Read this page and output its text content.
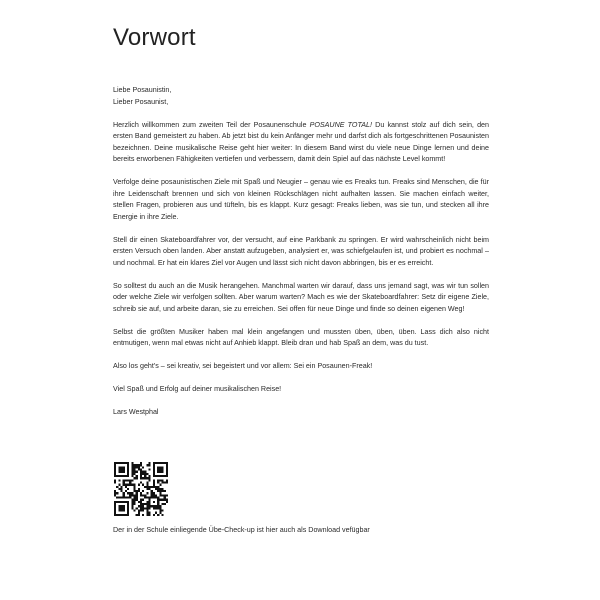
Vorwort

Liebe Posaunistin,
Lieber Posaunist,

Herzlich willkommen zum zweiten Teil der Posaunenschule POSAUNE TOTAL! Du kannst stolz auf dich sein, den ersten Band gemeistert zu haben. Ab jetzt bist du kein Anfänger mehr und darfst dich als fortgeschrittenen Posaunisten bezeichnen. Deine musikalische Reise geht hier weiter: In diesem Band wirst du viele neue Dinge lernen und deine bereits erworbenen Fähigkeiten vertiefen und verbessern, damit dein Spiel auf das nächste Level kommt!

Verfolge deine posaunistischen Ziele mit Spaß und Neugier – genau wie es Freaks tun. Freaks sind Menschen, die für ihre Leidenschaft brennen und sich von kleinen Rückschlägen nicht aufhalten lassen. Sie machen einfach weiter, stellen Fragen, probieren aus und tüfteln, bis es klappt. Kurz gesagt: Freaks lieben, was sie tun, und stecken all ihre Energie in ihre Ziele.

Stell dir einen Skateboardfahrer vor, der versucht, auf eine Parkbank zu springen. Er wird wahrscheinlich nicht beim ersten Versuch oben landen. Aber anstatt aufzugeben, analysiert er, was schiefgelaufen ist, und probiert es nochmal – und nochmal. Er hat ein klares Ziel vor Augen und lässt sich nicht davon abbringen, bis er es erreicht.

So solltest du auch an die Musik herangehen. Manchmal warten wir darauf, dass uns jemand sagt, was wir tun sollen oder welche Ziele wir verfolgen sollten. Aber warum warten? Mach es wie der Skateboardfahrer: Setz dir eigene Ziele, schreib sie auf, und arbeite daran, sie zu erreichen. Sei offen für neue Dinge und finde so deinen eigenen Weg!

Selbst die größten Musiker haben mal klein angefangen und mussten üben, üben, üben. Lass dich also nicht entmutigen, wenn mal etwas nicht auf Anhieb klappt. Bleib dran und hab Spaß an dem, was du tust.

Also los geht's – sei kreativ, sei begeistert und vor allem: Sei ein Posaunen-Freak!

Viel Spaß und Erfolg auf deiner musikalischen Reise!

Lars Westphal

Der in der Schule einliegende Übe-Check-up ist hier auch als Download vefügbar
